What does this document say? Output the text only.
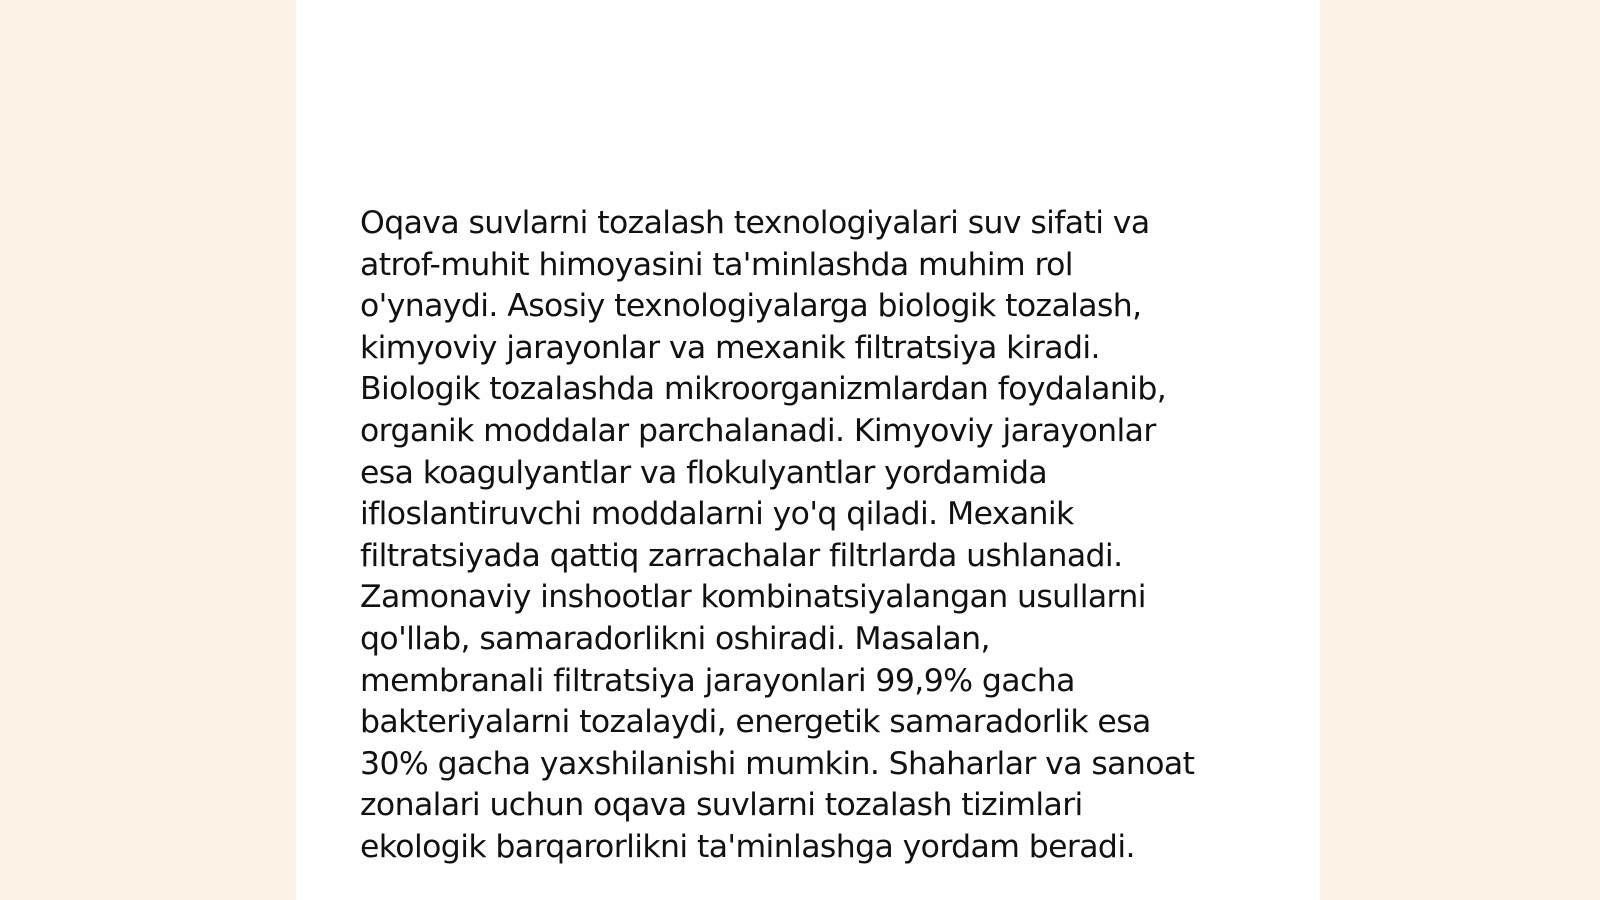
Oqava suvlarni tozalash texnologiyalari suv sifati va
atrof-muhit himoyasini ta'minlashda muhim rol
o'ynaydi. Asosiy texnologiyalarga biologik tozalash,
kimyoviy jarayonlar va mexanik filtratsiya kiradi.
Biologik tozalashda mikroorganizmlardan foydalanib,
organik moddalar parchalanadi. Kimyoviy jarayonlar
esa koagulyantlar va flokulyantlar yordamida
ifloslantiruvchi moddalarni yo'q qiladi. Mexanik
filtratsiyada qattiq zarrachalar filtrlarda ushlanadi.
Zamonaviy inshootlar kombinatsiyalangan usullarni
qo'llab, samaradorlikni oshiradi. Masalan,
membranali filtratsiya jarayonlari 99,9% gacha
bakteriyalarni tozalaydi, energetik samaradorlik esa
30% gacha yaxshilanishi mumkin. Shaharlar va sanoat
zonalari uchun oqava suvlarni tozalash tizimlari
ekologik barqarorlikni ta'minlashga yordam beradi.
